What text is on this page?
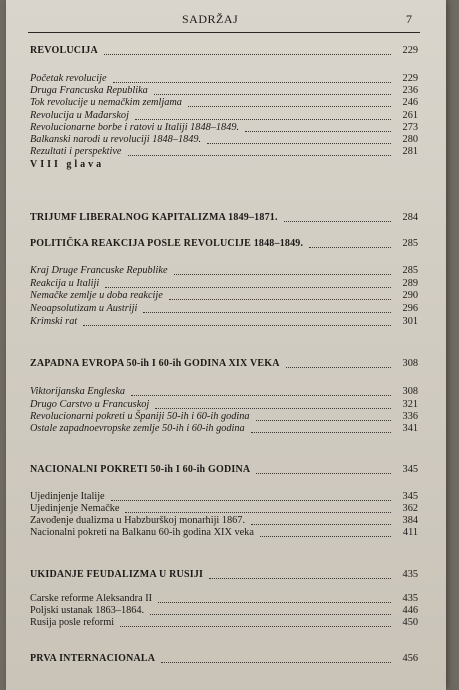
SADRŽAJ	7
VIII glava
REVOLUCIJA	229
Početak revolucije	229
Druga Francuska Republika	236
Tok revolucije u nemačkim zemljama	246
Revolucija u Mađarskoj	261
Revolucionarne borbe i ratovi u Italiji 1848–1849.	273
Balkanski narodi u revoluciji 1848–1849.	280
Rezultati i perspektive	281
TRIJUMF LIBERALNOG KAPITALIZMA 1849–1871.	284
POLITIČKA REAKCIJA POSLE REVOLUCIJE 1848–1849.	285
Kraj Druge Francuske Republike	285
Reakcija u Italiji	289
Nemačke zemlje u doba reakcije	290
Neoapsolutizam u Austriji	296
Krimski rat	301
ZAPADNA EVROPA 50-ih I 60-ih GODINA XIX VEKA	308
Viktorijanska Engleska	308
Drugo Carstvo u Francuskoj	321
Revolucionarni pokreti u Španiji 50-ih i 60-ih godina	336
Ostale zapadnoevropske zemlje 50-ih i 60-ih godina	341
NACIONALNI POKRETI 50-ih I 60-ih GODINA	345
Ujedinjenje Italije	345
Ujedinjenje Nemačke	362
Zavođenje dualizma u Habzburškoj monarhiji 1867.	384
Nacionalni pokreti na Balkanu 60-ih godina XIX veka	411
UKIDANJE FEUDALIZMA U RUSIJI	435
Carske reforme Aleksandra II	435
Poljski ustanak 1863–1864.	446
Rusija posle reformi	450
PRVA INTERNACIONALA	456
